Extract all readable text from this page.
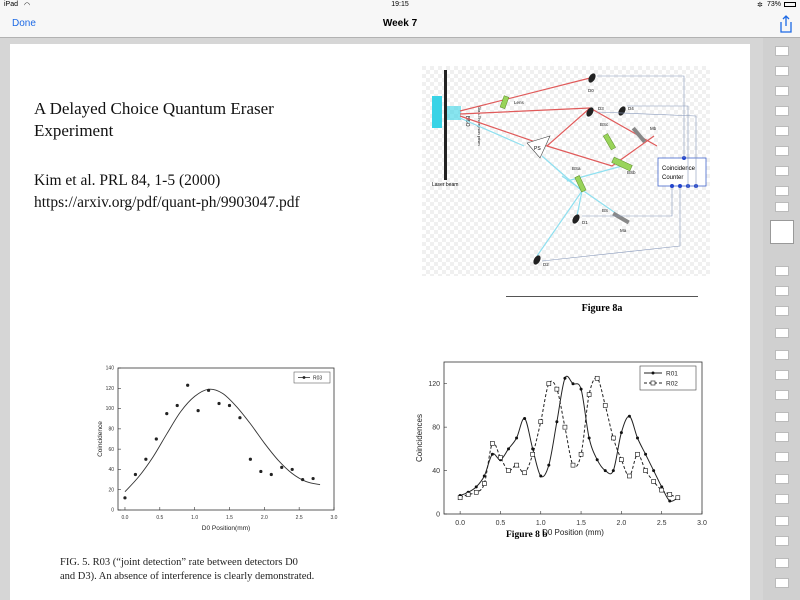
iPad ◠	19:15	✲ 73%
Done	Week 7
A Delayed Choice Quantum Eraser
Experiment
Kim et al. PRL 84, 1-5 (2000)
https://arxiv.org/pdf/quant-ph/9903047.pdf
Laser beam
BBO Glan-Thompson prism
PS
D0
D3	D4
D1
D2
Lens
BSc
BSa
BSb
BS
Ma
Mb
Coincidence
Counter
0.0	0.5	1.0	1.5	2.0	2.5	3.0
0
20
40
60
80
100
120
140
D0 Position(mm)
Coincidence
R03
Figure 8a
0.0	0.5	1.0	1.5	2.0	2.5	3.0
0
40
80
120
D0 Position (mm)
Coincidences
R01
R02
Figure 8 b
FIG. 5. R03 (“joint detection” rate between detectors D0
and D3). An absence of interference is clearly demonstrated.
